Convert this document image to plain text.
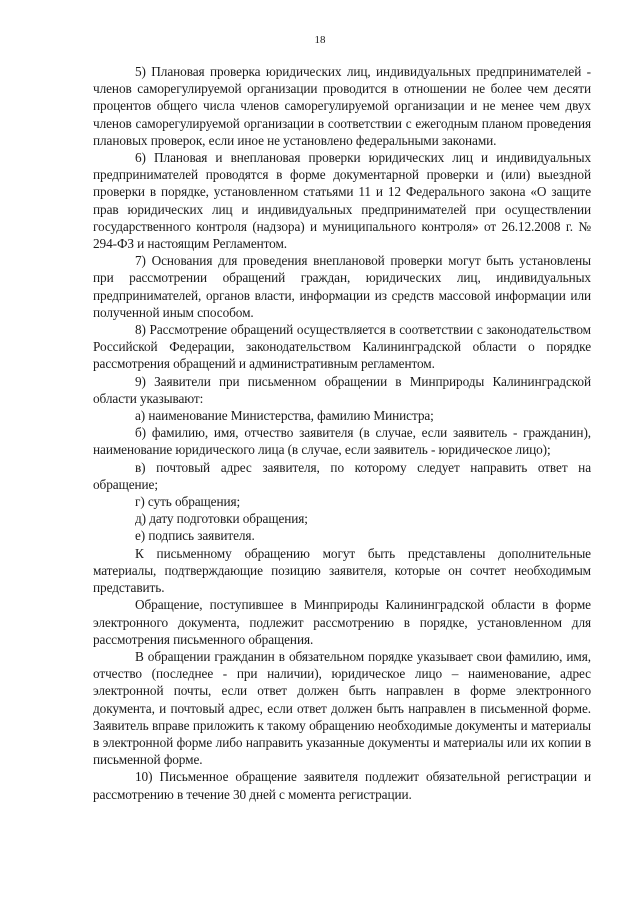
18

5) Плановая проверка юридических лиц, индивидуальных предпринимателей - членов саморегулируемой организации проводится в отношении не более чем десяти процентов общего числа членов саморегулируемой организации и не менее чем двух членов саморегулируемой организации в соответствии с ежегодным планом проведения плановых проверок, если иное не установлено федеральными законами.

6) Плановая и внеплановая проверки юридических лиц и индивидуальных предпринимателей проводятся в форме документарной проверки и (или) выездной проверки в порядке, установленном статьями 11 и 12 Федерального закона «О защите прав юридических лиц и индивидуальных предпринимателей при осуществлении государственного контроля (надзора) и муниципального контроля» от 26.12.2008 г. № 294-ФЗ и настоящим Регламентом.

7) Основания для проведения внеплановой проверки могут быть установлены при рассмотрении обращений граждан, юридических лиц, индивидуальных предпринимателей, органов власти, информации из средств массовой информации или полученной иным способом.

8) Рассмотрение обращений осуществляется в соответствии с законодательством Российской Федерации, законодательством Калининградской области о порядке рассмотрения обращений и административным регламентом.

9) Заявители при письменном обращении в Минприроды Калининградской области указывают:

а) наименование Министерства, фамилию Министра;

б) фамилию, имя, отчество заявителя (в случае, если заявитель - гражданин), наименование юридического лица (в случае, если заявитель - юридическое лицо);

в) почтовый адрес заявителя, по которому следует направить ответ на обращение;

г) суть обращения;

д) дату подготовки обращения;

е) подпись заявителя.

К письменному обращению могут быть представлены дополнительные материалы, подтверждающие позицию заявителя, которые он сочтет необходимым представить.

Обращение, поступившее в Минприроды Калининградской области в форме электронного документа, подлежит рассмотрению в порядке, установленном для рассмотрения письменного обращения.

В обращении гражданин в обязательном порядке указывает свои фамилию, имя, отчество (последнее - при наличии), юридическое лицо – наименование, адрес электронной почты, если ответ должен быть направлен в форме электронного документа, и почтовый адрес, если ответ должен быть направлен в письменной форме. Заявитель вправе приложить к такому обращению необходимые документы и материалы в электронной форме либо направить указанные документы и материалы или их копии в письменной форме.

10) Письменное обращение заявителя подлежит обязательной регистрации и рассмотрению в течение 30 дней с момента регистрации.
